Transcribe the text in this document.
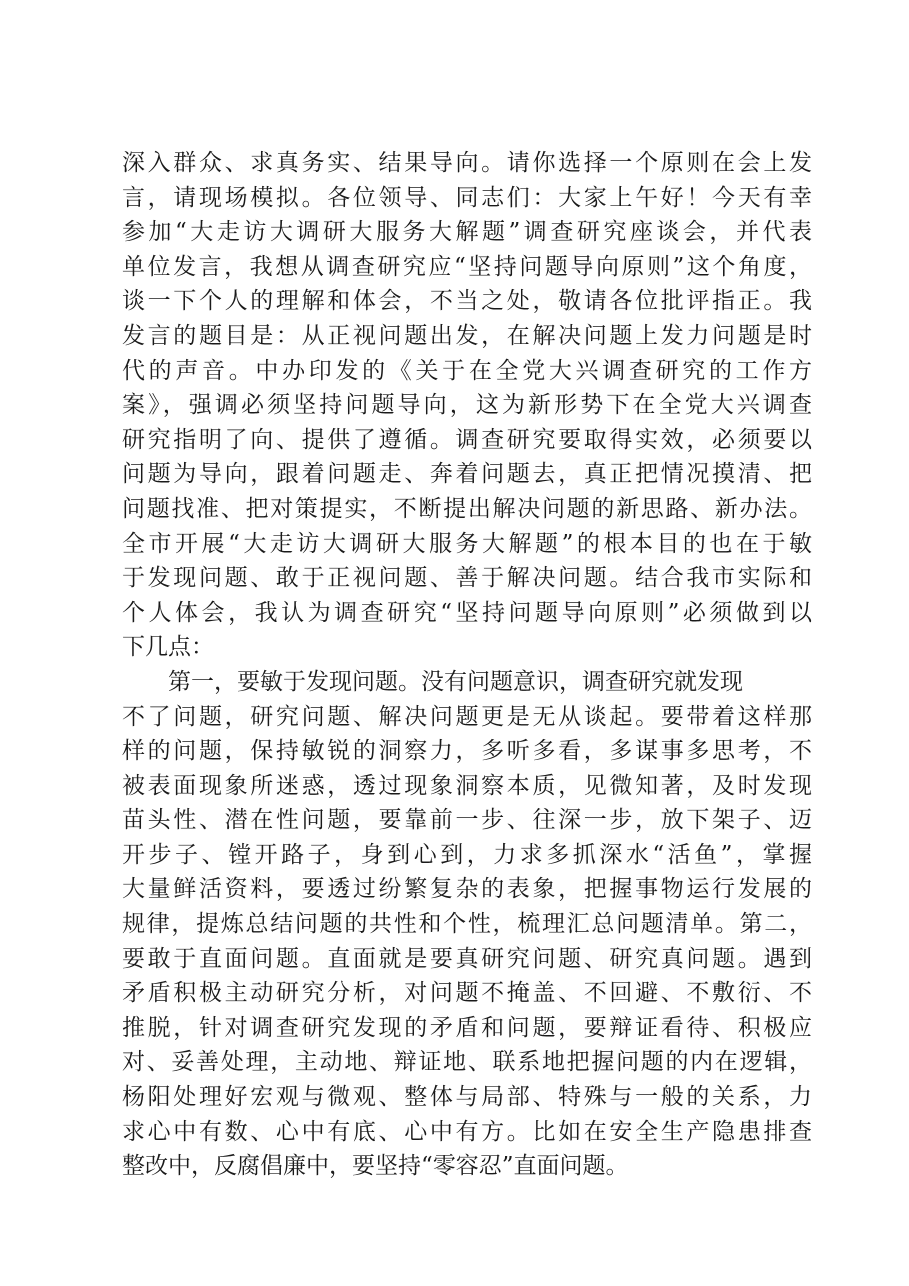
深入群众、求真务实、结果导向。请你选择一个原则在会上发
言，请现场模拟。各位领导、同志们：大家上午好！今天有幸
参加“大走访大调研大服务大解题”调查研究座谈会，并代表
单位发言，我想从调查研究应“坚持问题导向原则”这个角度，
谈一下个人的理解和体会，不当之处，敬请各位批评指正。我
发言的题目是：从正视问题出发，在解决问题上发力问题是时
代的声音。中办印发的《关于在全党大兴调查研究的工作方
案》，强调必须坚持问题导向，这为新形势下在全党大兴调查
研究指明了向、提供了遵循。调查研究要取得实效，必须要以
问题为导向，跟着问题走、奔着问题去，真正把情况摸清、把
问题找准、把对策提实，不断提出解决问题的新思路、新办法。
全市开展“大走访大调研大服务大解题”的根本目的也在于敏
于发现问题、敢于正视问题、善于解决问题。结合我市实际和
个人体会，我认为调查研究“坚持问题导向原则”必须做到以
下几点：
第一，要敏于发现问题。没有问题意识，调查研究就发现
不了问题，研究问题、解决问题更是无从谈起。要带着这样那
样的问题，保持敏锐的洞察力，多听多看，多谋事多思考，不
被表面现象所迷惑，透过现象洞察本质，见微知著，及时发现
苗头性、潜在性问题，要靠前一步、往深一步，放下架子、迈
开步子、镗开路子，身到心到，力求多抓深水“活鱼”，掌握
大量鲜活资料，要透过纷繁复杂的表象，把握事物运行发展的
规律，提炼总结问题的共性和个性，梳理汇总问题清单。第二，
要敢于直面问题。直面就是要真研究问题、研究真问题。遇到
矛盾积极主动研究分析，对问题不掩盖、不回避、不敷衍、不
推脱，针对调查研究发现的矛盾和问题，要辩证看待、积极应
对、妥善处理，主动地、辩证地、联系地把握问题的内在逻辑，
杨阳处理好宏观与微观、整体与局部、特殊与一般的关系，力
求心中有数、心中有底、心中有方。比如在安全生产隐患排查
整改中，反腐倡廉中，要坚持“零容忍”直面问题。
